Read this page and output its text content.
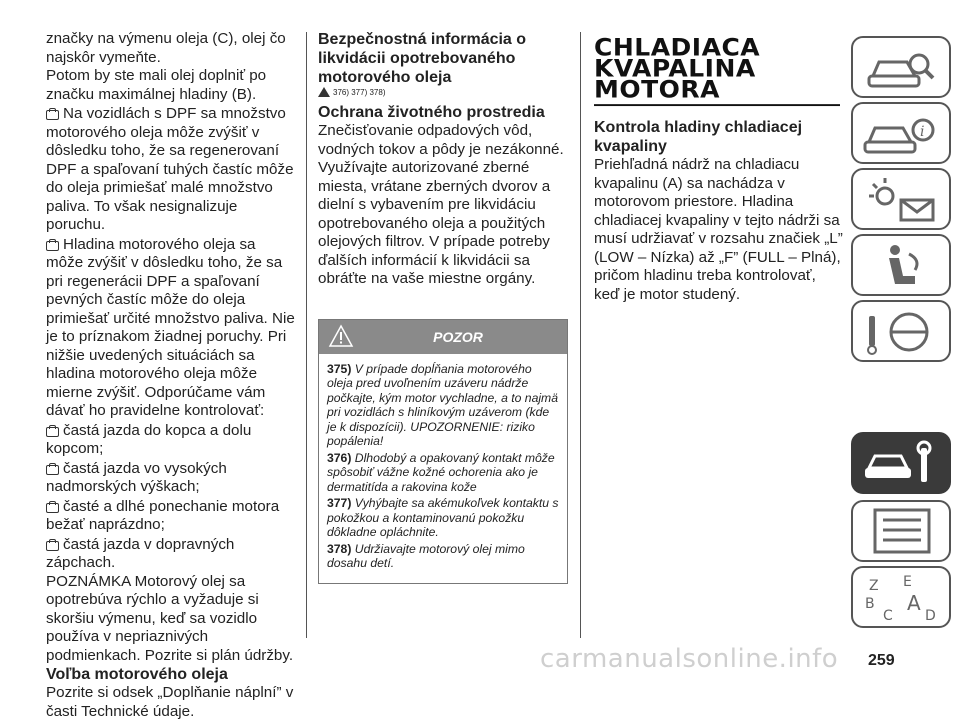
značky na výmenu oleja (C), olej čo najskôr vymeňte.

Potom by ste mali olej doplniť po značku maximálnej hladiny (B).

Na vozidlách s DPF sa množstvo motorového oleja môže zvýšiť v dôsledku toho, že sa regenerovaní DPF a spaľovaní tuhých častíc môže do oleja primiešať malé množstvo paliva. To však nesignalizuje poruchu.

Hladina motorového oleja sa môže zvýšiť v dôsledku toho, že sa pri regenerácii DPF a spaľovaní pevných častíc môže do oleja primiešať určité množstvo paliva. Nie je to príznakom žiadnej poruchy. Pri nižšie uvedených situáciách sa hladina motorového oleja môže mierne zvýšiť. Odporúčame vám dávať ho pravidelne kontrolovať:

častá jazda do kopca a dolu kopcom;

častá jazda vo vysokých nadmorských výškach;

časté a dlhé ponechanie motora bežať naprázdno;

častá jazda v dopravných zápchach.

POZNÁMKA Motorový olej sa opotrebúva rýchlo a vyžaduje si skoršiu výmenu, keď sa vozidlo používa v nepriaznivých podmienkach. Pozrite si plán údržby.

Voľba motorového oleja

Pozrite si odsek „Doplňanie náplní” v časti Technické údaje.

Bezpečnostná informácia o likvidácii opotrebovaného motorového oleja
376) 377) 378)
Ochrana životného prostredia

Znečisťovanie odpadových vôd, vodných tokov a pôdy je nezákonné. Využívajte autorizované zberné miesta, vrátane zberných dvorov a dielní s vybavením pre likvidáciu opotrebovaného oleja a použitých olejových filtrov. V prípade potreby ďalších informácií k likvidácii sa obráťte na vaše miestne orgány.

POZOR
375) V prípade dopĺňania motorového oleja pred uvoľnením uzáveru nádrže počkajte, kým motor vychladne, a to najmä pri vozidlách s hliníkovým uzáverom (kde je k dispozícii). UPOZORNENIE: riziko popálenia!
376) Dlhodobý a opakovaný kontakt môže spôsobiť vážne kožné ochorenia ako je dermatitída a rakovina kože
377) Vyhýbajte sa akémukoľvek kontaktu s pokožkou a kontaminovanú pokožku dôkladne opláchnite.
378) Udržiavajte motorový olej mimo dosahu detí.
CHLADIACA
KVAPALINA
MOTORA
Kontrola hladiny chladiacej kvapaliny

Priehľadná nádrž na chladiacu kvapalinu (A) sa nachádza v motorovom priestore. Hladina chladiacej kvapaliny v tejto nádrži sa musí udržiavať v rozsahu značiek „L” (LOW – Nízka) až „F” (FULL – Plná), pričom hladinu treba kontrolovať, keď je motor studený.

i
Z E
B A
C D
259
carmanualsonline.info
